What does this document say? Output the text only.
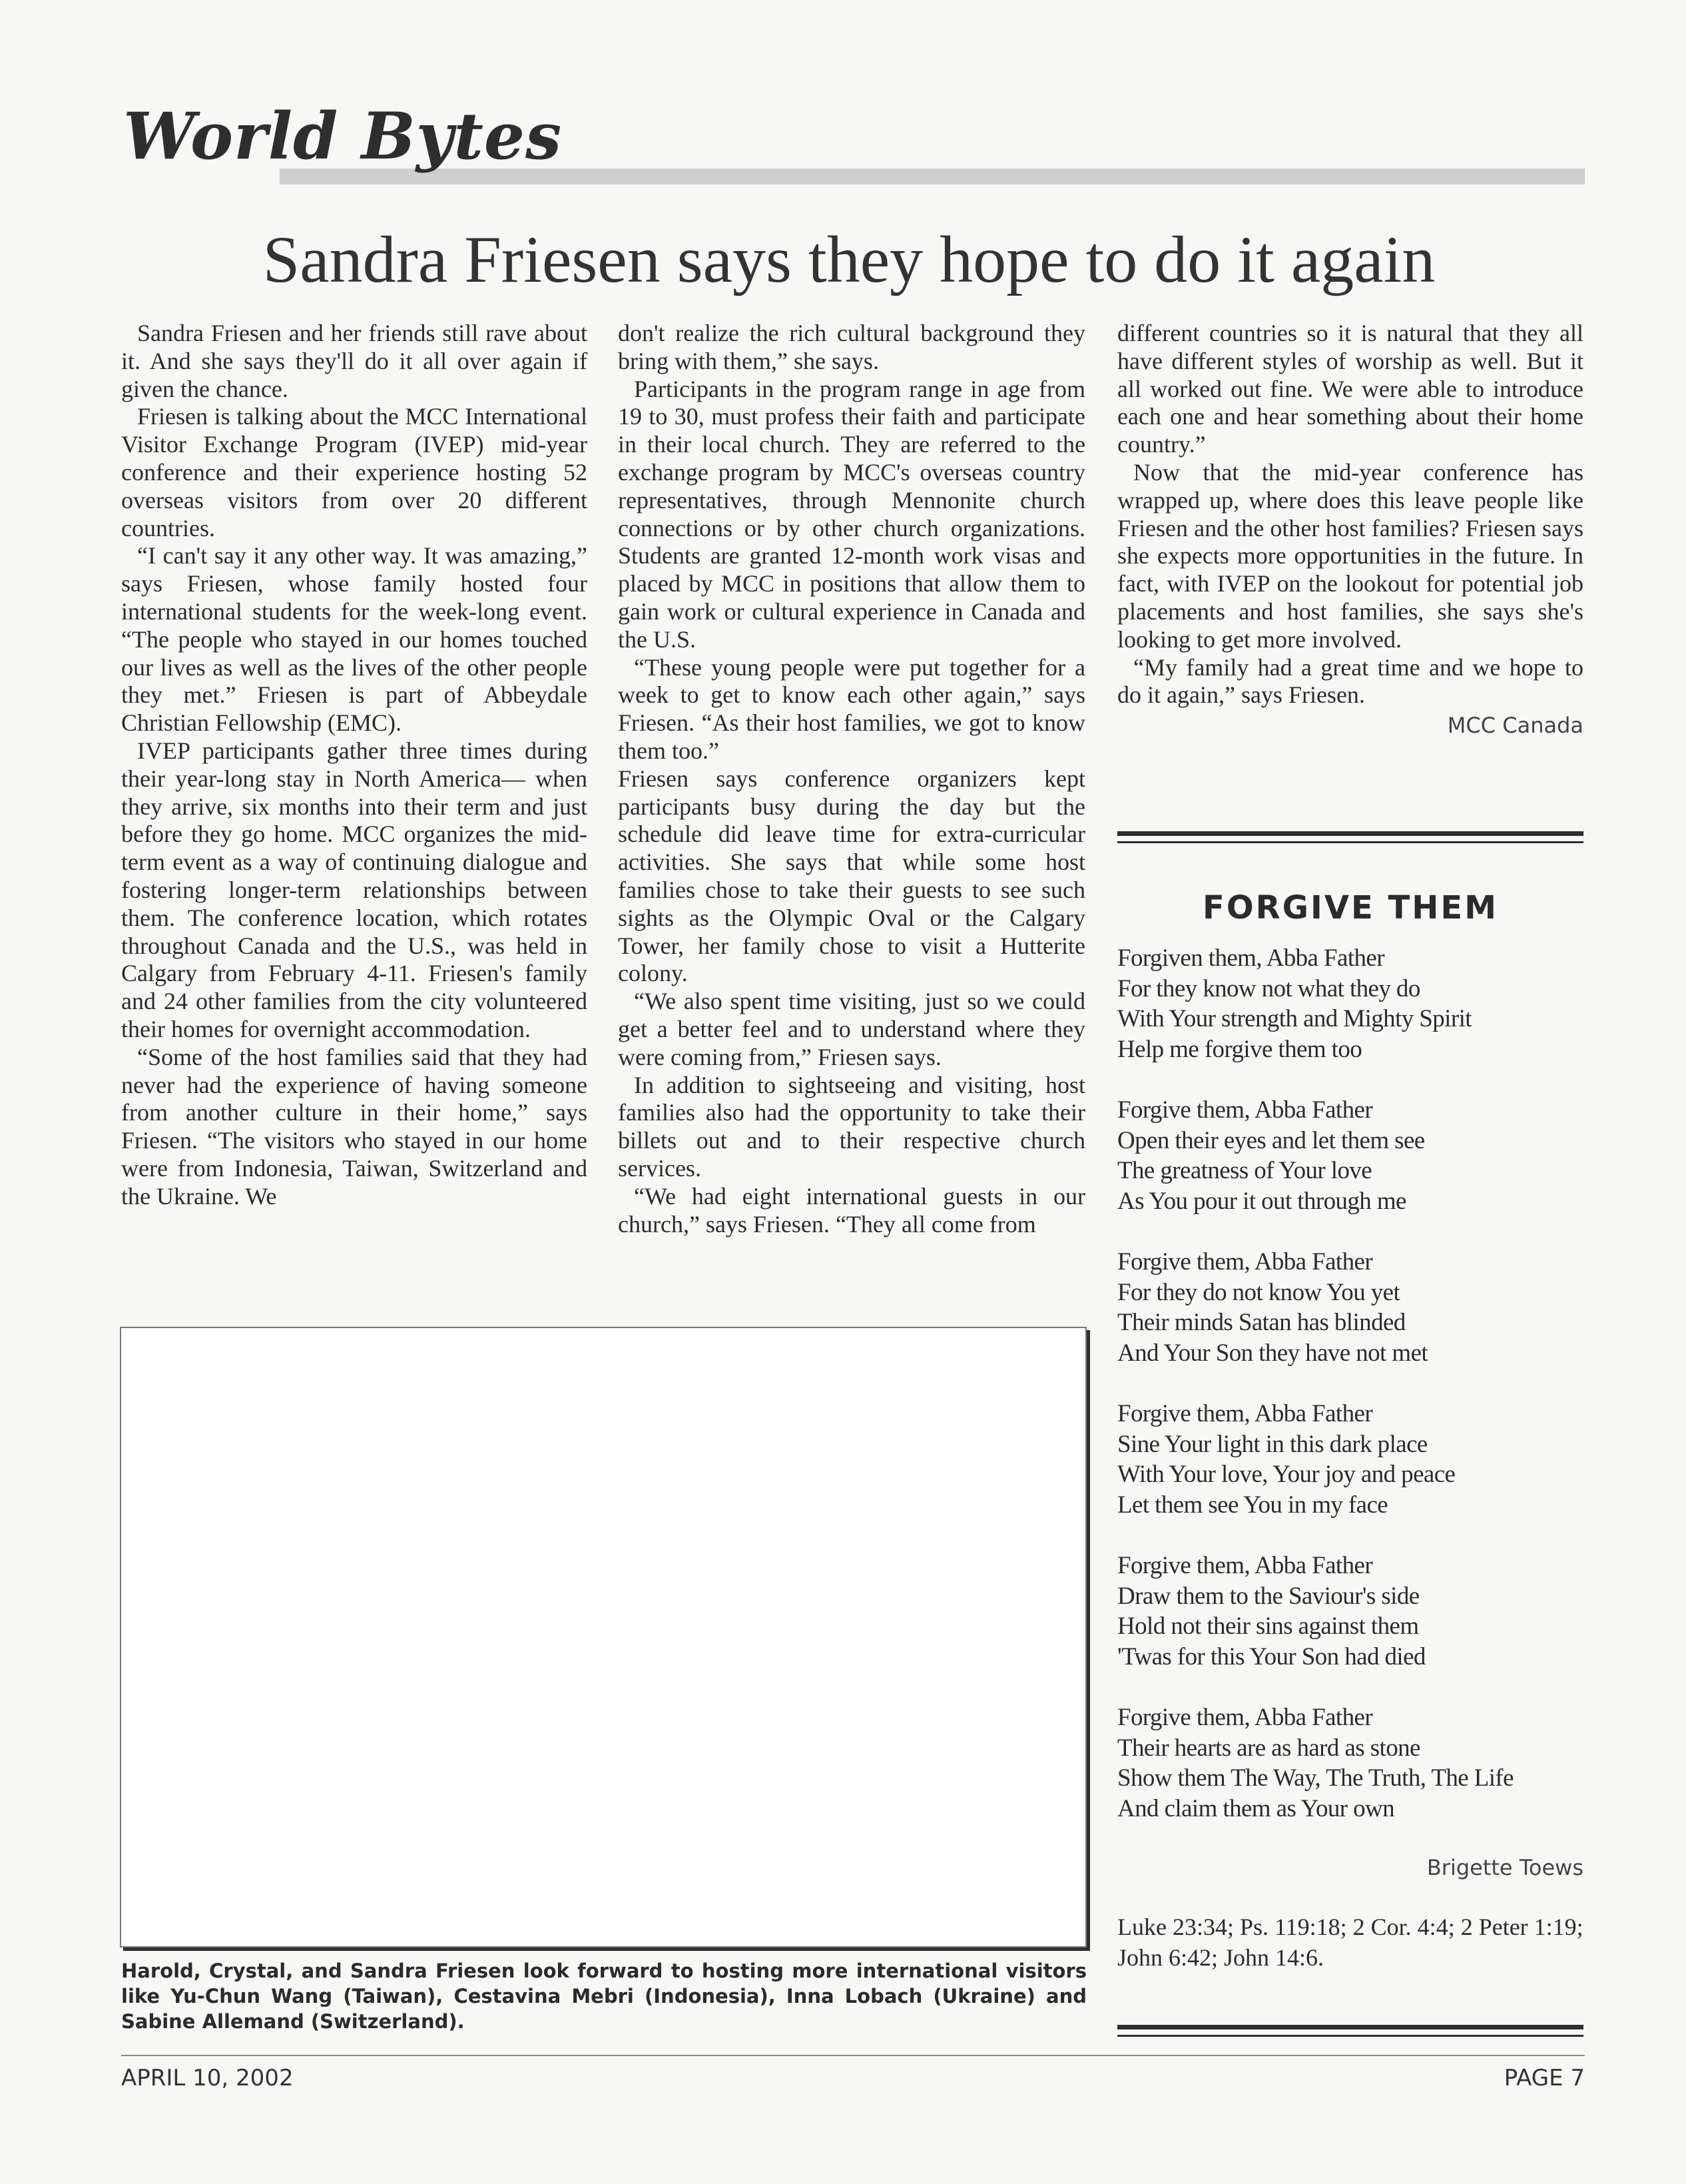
World Bytes
Sandra Friesen says they hope to do it again

Sandra Friesen and her friends still rave about it. And she says they'll do it all over again if given the chance.

Friesen is talking about the MCC International Visitor Exchange Program (IVEP) mid-year conference and their experience hosting 52 overseas visitors from over 20 different countries.

“I can't say it any other way. It was amazing,” says Friesen, whose family hosted four international students for the week-long event. “The people who stayed in our homes touched our lives as well as the lives of the other people they met.” Friesen is part of Abbeydale Christian Fellowship (EMC).

IVEP participants gather three times during their year-long stay in North America— when they arrive, six months into their term and just before they go home. MCC organizes the mid-term event as a way of continuing dialogue and fostering longer-term relationships between them. The conference location, which rotates throughout Canada and the U.S., was held in Calgary from February 4-11. Friesen's family and 24 other families from the city volunteered their homes for overnight accommodation.

“Some of the host families said that they had never had the experience of having someone from another culture in their home,” says Friesen. “The visitors who stayed in our home were from Indonesia, Taiwan, Switzerland and the Ukraine. We

don't realize the rich cultural background they bring with them,” she says.

Participants in the program range in age from 19 to 30, must profess their faith and participate in their local church. They are referred to the exchange program by MCC's overseas country representatives, through Mennonite church connections or by other church organizations. Students are granted 12-month work visas and placed by MCC in positions that allow them to gain work or cultural experience in Canada and the U.S.

“These young people were put together for a week to get to know each other again,” says Friesen. “As their host families, we got to know them too.”

Friesen says conference organizers kept participants busy during the day but the schedule did leave time for extra-curricular activities. She says that while some host families chose to take their guests to see such sights as the Olympic Oval or the Calgary Tower, her family chose to visit a Hutterite colony.

“We also spent time visiting, just so we could get a better feel and to understand where they were coming from,” Friesen says.

In addition to sightseeing and visiting, host families also had the opportunity to take their billets out and to their respective church services.

“We had eight international guests in our church,” says Friesen. “They all come from

different countries so it is natural that they all have different styles of worship as well. But it all worked out fine. We were able to introduce each one and hear something about their home country.”

Now that the mid-year conference has wrapped up, where does this leave people like Friesen and the other host families? Friesen says she expects more opportunities in the future. In fact, with IVEP on the lookout for potential job placements and host families, she says she's looking to get more involved.

“My family had a great time and we hope to do it again,” says Friesen.

MCC Canada
Harold, Crystal, and Sandra Friesen look forward to hosting more international visitors like Yu-Chun Wang (Taiwan), Cestavina Mebri (Indonesia), Inna Lobach (Ukraine) and Sabine Allemand (Switzerland).
FORGIVE THEM
Forgiven them, Abba Father
For they know not what they do
With Your strength and Mighty Spirit
Help me forgive them too
Forgive them, Abba Father
Open their eyes and let them see
The greatness of Your love
As You pour it out through me
Forgive them, Abba Father
For they do not know You yet
Their minds Satan has blinded
And Your Son they have not met
Forgive them, Abba Father
Sine Your light in this dark place
With Your love, Your joy and peace
Let them see You in my face
Forgive them, Abba Father
Draw them to the Saviour's side
Hold not their sins against them
'Twas for this Your Son had died
Forgive them, Abba Father
Their hearts are as hard as stone
Show them The Way, The Truth, The Life
And claim them as Your own
Brigette Toews
Luke 23:34; Ps. 119:18; 2 Cor. 4:4; 2 Peter 1:19; John 6:42; John 14:6.
APRIL 10, 2002	PAGE 7
